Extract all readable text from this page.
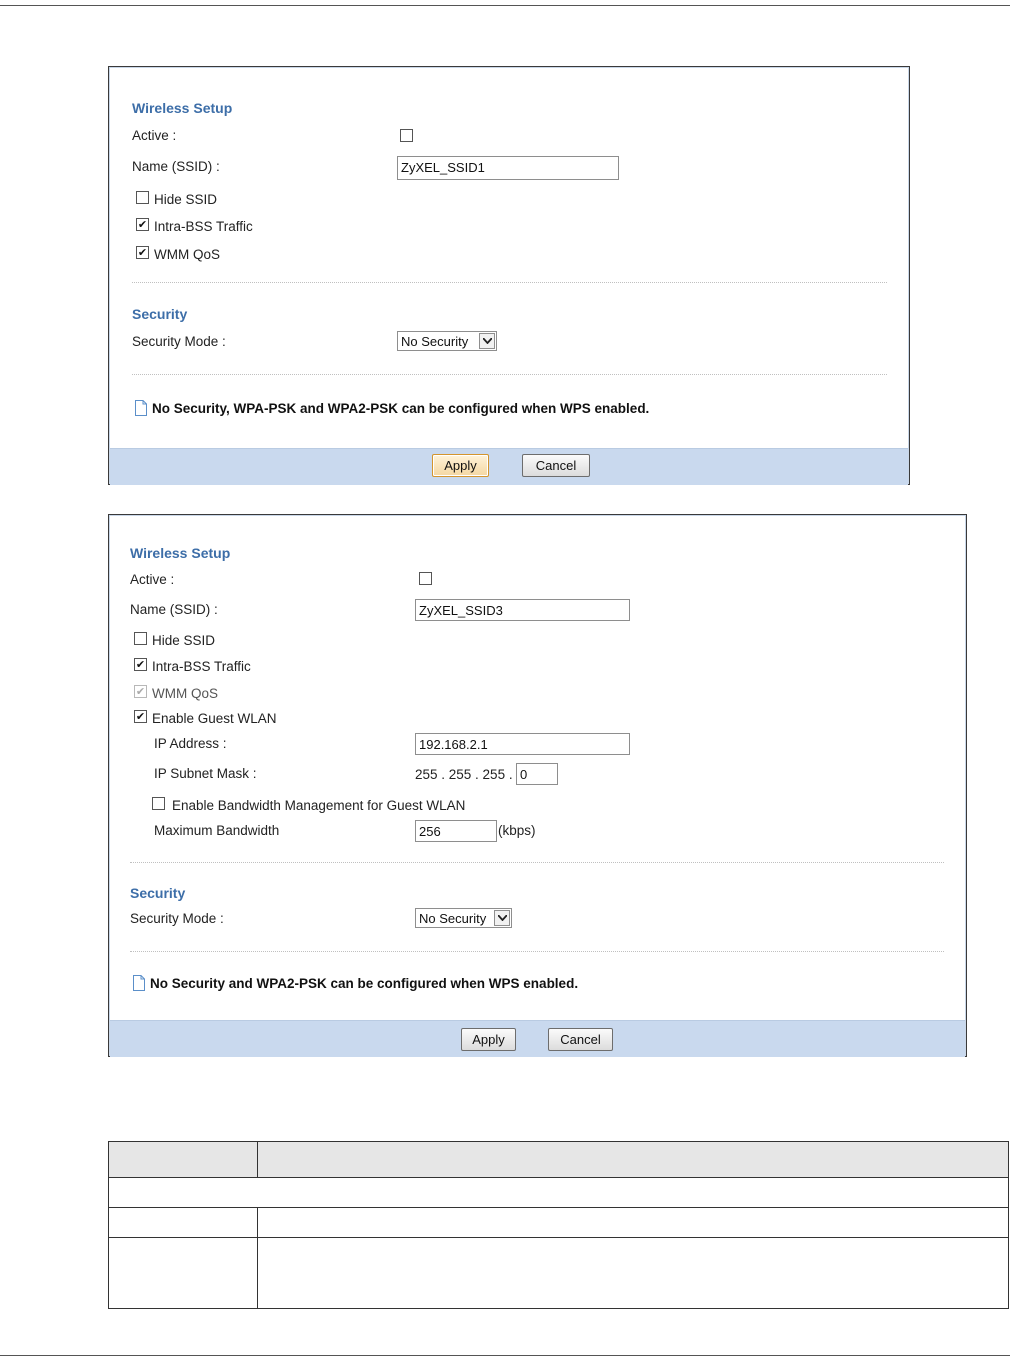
Wireless Setup
Active :
Name (SSID) :	ZyXEL_SSID1
Hide SSID
✔
Intra-BSS Traffic
✔
WMM QoS
Security
Security Mode :	No Security
No Security, WPA-PSK and WPA2-PSK can be configured when WPS enabled.
Apply	Cancel
Wireless Setup
Active :
Name (SSID) :	ZyXEL_SSID3
Hide SSID
✔
Intra-BSS Traffic
✔
WMM QoS
✔
Enable Guest WLAN
IP Address :	192.168.2.1
IP Subnet Mask :	255 . 255 . 255 . 0
Enable Bandwidth Management for Guest WLAN
Maximum Bandwidth	256	(kbps)
Security
Security Mode :	No Security
No Security and WPA2-PSK can be configured when WPS enabled.
Apply	Cancel
